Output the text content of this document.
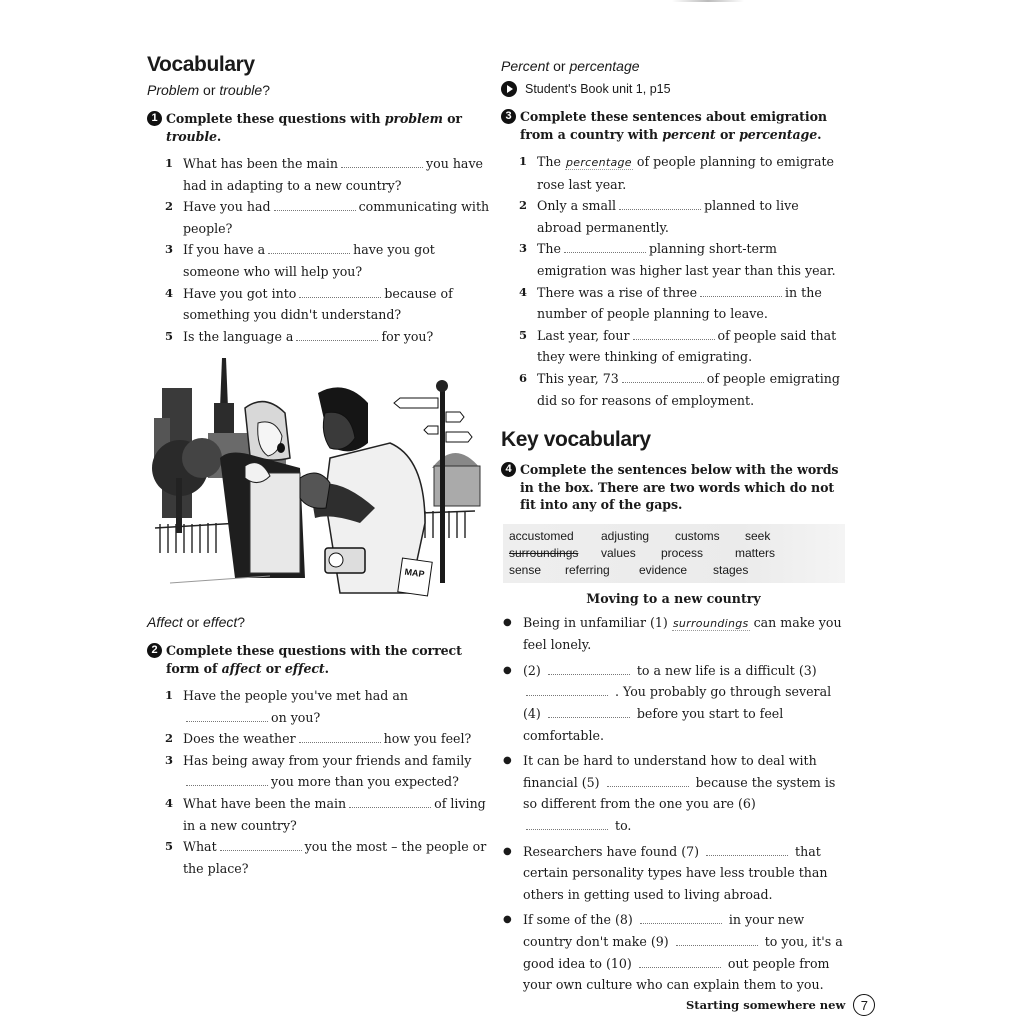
Vocabulary
Problem or trouble?
1 Complete these questions with problem or trouble.
1 What has been the main	you have had in adapting to a new country?
2 Have you had	communicating with people?
3 If you have a	have you got someone who will help you?
4 Have you got into	because of something you didn't understand?
5 Is the language a	for you?
MAP
Affect or effect?
2 Complete these questions with the correct form of affect or effect.
1 Have the people you've met had anon you?
2 Does the weather	how you feel?
3 Has being away from your friends and familyyou more than you expected?
4 What have been the main	of living in a new country?
5 What	you the most – the people or the place?
Percent or percentage
Student's Book unit 1, p15
3 Complete these sentences about emigration from a country with percent or percentage.
1 The percentage of people planning to emigrate rose last year.
2 Only a small	planned to live abroad permanently.
3 The	planning short-term emigration was higher last year than this year.
4 There was a rise of three	in the number of people planning to leave.
5 Last year, four	of people said that they were thinking of emigrating.
6 This year, 73	of people emigrating did so for reasons of employment.
Key vocabulary
4 Complete the sentences below with the words in the box. There are two words which do not fit into any of the gaps.
accustomed	adjusting	customs	seek
surroundings	values	process	matters
sense	referring	evidence	stages
Moving to a new country
● Being in unfamiliar (1) surroundings can make you feel lonely.
● (2)	to a new life is a difficult (3)  . You probably go through several (4)	before you start to feel comfortable.
● It can be hard to understand how to deal with financial (5)	because the system is so different from the one you are (6)  to.
● Researchers have found (7)	that certain personality types have less trouble than others in getting used to living abroad.
● If some of the (8)	in your new country don't make (9)	to you, it's a good idea to (10)	out people from your own culture who can explain them to you.
Starting somewhere new	7
